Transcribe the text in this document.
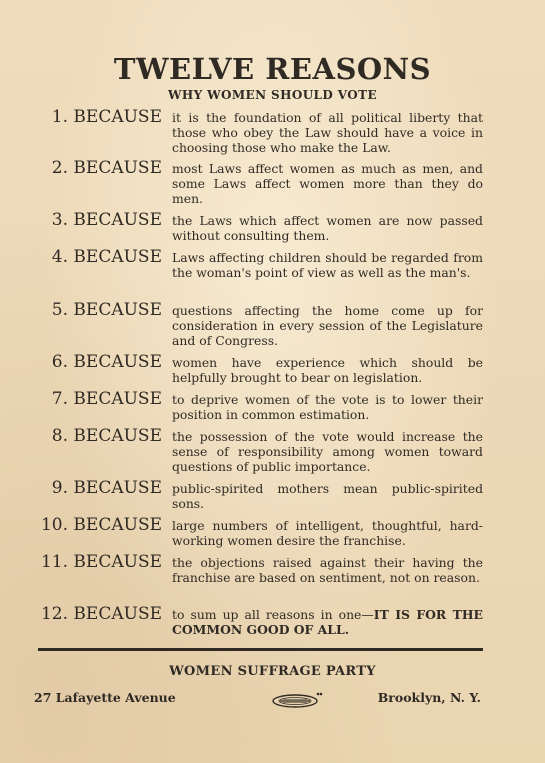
TWELVE REASONS
WHY WOMEN SHOULD VOTE
1. BECAUSE it is the foundation of all political liberty that those who obey the Law should have a voice in choosing those who make the Law.

2. BECAUSE most Laws affect women as much as men, and some Laws affect women more than they do men.

3. BECAUSE the Laws which affect women are now passed without consulting them.

4. BECAUSE Laws affecting children should be regarded from the woman's point of view as well as the man's.

5. BECAUSE questions affecting the home come up for consideration in every session of the Legislature and of Congress.

6. BECAUSE women have experience which should be helpfully brought to bear on legislation.

7. BECAUSE to deprive women of the vote is to lower their position in common estimation.

8. BECAUSE the possession of the vote would increase the sense of responsibility among women toward questions of public importance.

9. BECAUSE public-spirited mothers mean public-spirited sons.

10. BECAUSE large numbers of intelligent, thoughtful, hard-working women desire the franchise.

11. BECAUSE the objections raised against their having the franchise are based on sentiment, not on reason.

12. BECAUSE to sum up all reasons in one—IT IS FOR THE COMMON GOOD OF ALL.

WOMEN SUFFRAGE PARTY
27 Lafayette Avenue	Brooklyn, N. Y.
